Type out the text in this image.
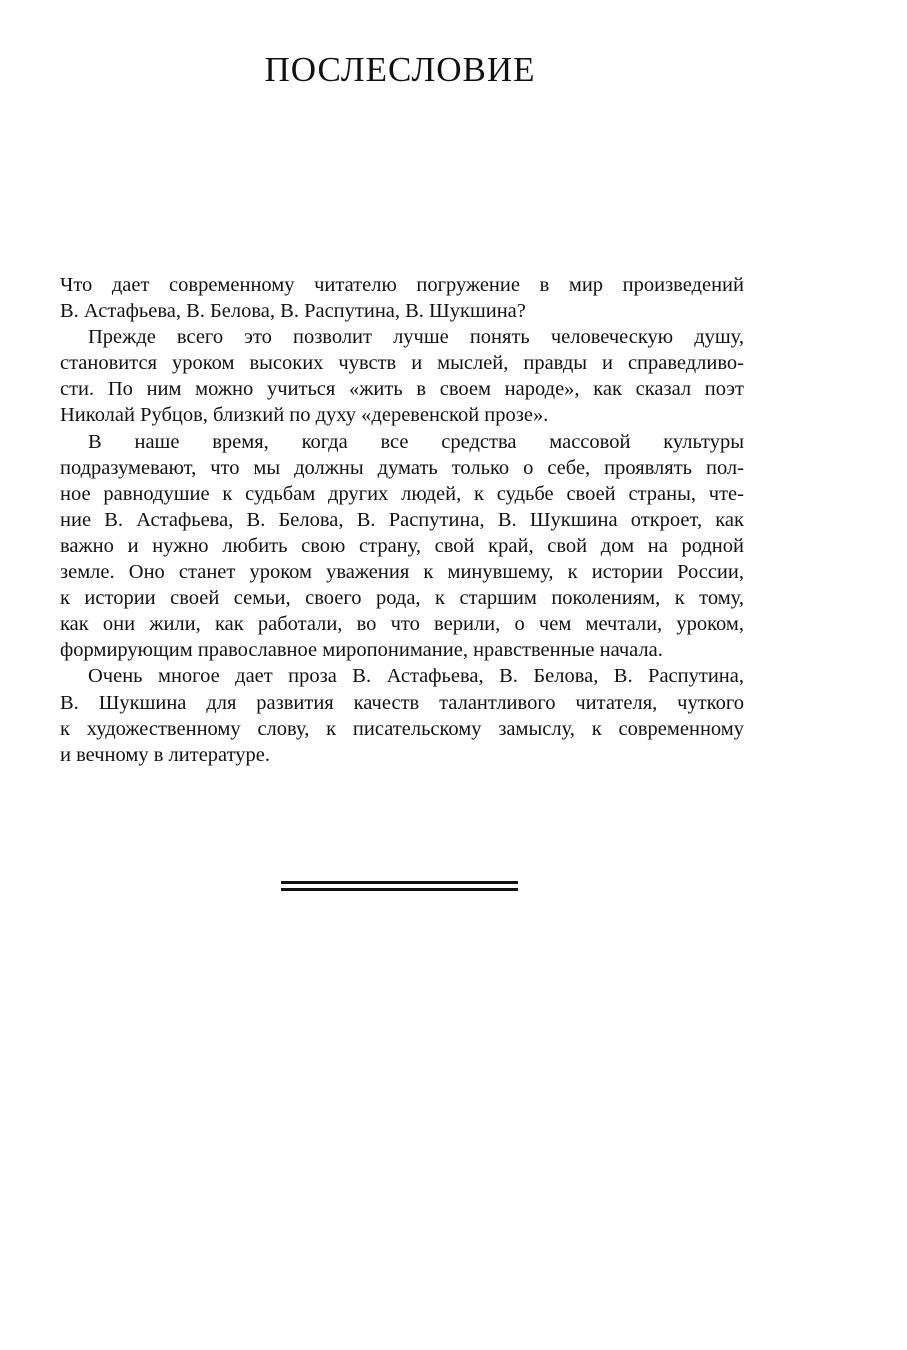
ПОСЛЕСЛОВИЕ
Что дает современному читателю погружение в мир произведений
В. Астафьева, В. Белова, В. Распутина, В. Шукшина?
Прежде всего это позволит лучше понять человеческую душу,
становится уроком высоких чувств и мыслей, правды и справедливо-
сти. По ним можно учиться «жить в своем народе», как сказал поэт
Николай Рубцов, близкий по духу «деревенской прозе».
В наше время, когда все средства массовой культуры
подразумевают, что мы должны думать только о себе, проявлять пол-
ное равнодушие к судьбам других людей, к судьбе своей страны, чте-
ние В. Астафьева, В. Белова, В. Распутина, В. Шукшина откроет, как
важно и нужно любить свою страну, свой край, свой дом на родной
земле. Оно станет уроком уважения к минувшему, к истории России,
к истории своей семьи, своего рода, к старшим поколениям, к тому,
как они жили, как работали, во что верили, о чем мечтали, уроком,
формирующим православное миропонимание, нравственные начала.
Очень многое дает проза В. Астафьева, В. Белова, В. Распутина,
В. Шукшина для развития качеств талантливого читателя, чуткого
к художественному слову, к писательскому замыслу, к современному
и вечному в литературе.
